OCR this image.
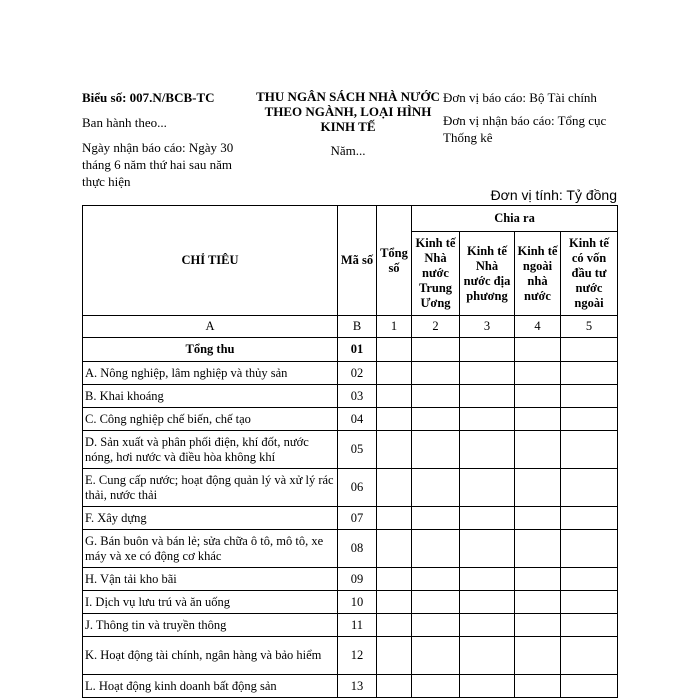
Biểu số: 007.N/BCB-TC

Ban hành theo...

Ngày nhận báo cáo: Ngày 30 tháng 6 năm thứ hai sau năm thực hiện

THU NGÂN SÁCH NHÀ NƯỚC THEO NGÀNH, LOẠI HÌNH KINH TẾ
Năm...

Đơn vị báo cáo: Bộ Tài chính

Đơn vị nhận báo cáo: Tổng cục Thống kê

Đơn vị tính: Tỷ đồng
CHỈ TIÊU	Mã số	Tổng số	Chia ra			
			Kinh tế Nhà nước Trung Ương	Kinh tế Nhà nước địa phương	Kinh tế ngoài nhà nước	Kinh tế có vốn đầu tư nước ngoài
A	B	1	2	3	4	5
Tổng thu	01					
A. Nông nghiệp, lâm nghiệp và thủy sản	02					
B. Khai khoáng	03					
C. Công nghiệp chế biến, chế tạo	04					
D. Sản xuất và phân phối điện, khí đốt, nước nóng, hơi nước và điều hòa không khí	05					
E. Cung cấp nước; hoạt động quản lý và xử lý rác thải, nước thải	06					
F. Xây dựng	07					
G. Bán buôn và bán lẻ; sửa chữa ô tô, mô tô, xe máy và xe có động cơ khác	08					
H. Vận tải kho bãi	09					
I. Dịch vụ lưu trú và ăn uống	10					
J. Thông tin và truyền thông	11					
K. Hoạt động tài chính, ngân hàng và bảo hiểm	12					
L. Hoạt động kinh doanh bất động sản	13					
